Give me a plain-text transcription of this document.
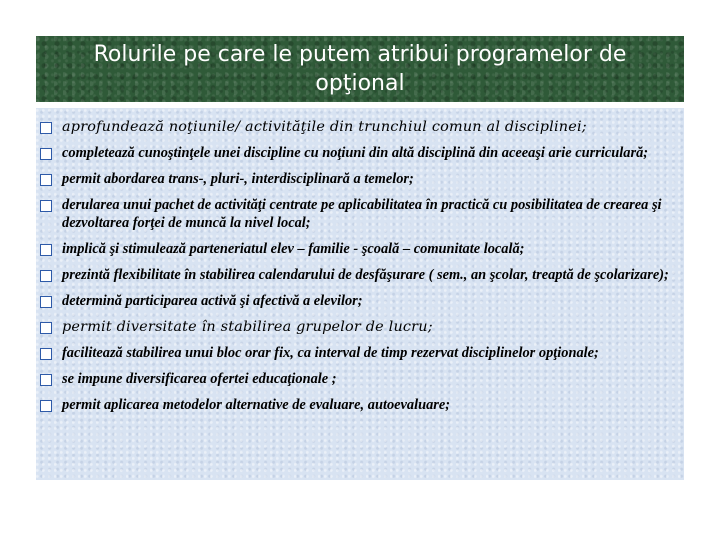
Rolurile pe care le putem atribui programelor de opţional
aprofundează noţiunile/ activităţile din trunchiul comun al disciplinei;
completează cunoştinţele unei discipline cu noţiuni din altă disciplină din aceeaşi arie curriculară;
permit abordarea trans-, pluri-, interdisciplinară a temelor;
derularea unui pachet de activităţi centrate pe aplicabilitatea în practică cu posibilitatea de crearea şi dezvoltarea forţei de muncă la nivel local;
implică şi stimulează parteneriatul elev – familie - şcoală – comunitate locală;
prezintă flexibilitate în stabilirea calendarului de desfăşurare ( sem., an şcolar, treaptă de şcolarizare);
determină participarea activă şi afectivă a elevilor;
permit diversitate în stabilirea grupelor de lucru;
facilitează stabilirea unui bloc orar fix, ca interval de timp rezervat disciplinelor opţionale;
se impune diversificarea ofertei educaţionale ;
permit aplicarea metodelor alternative de evaluare, autoevaluare;
